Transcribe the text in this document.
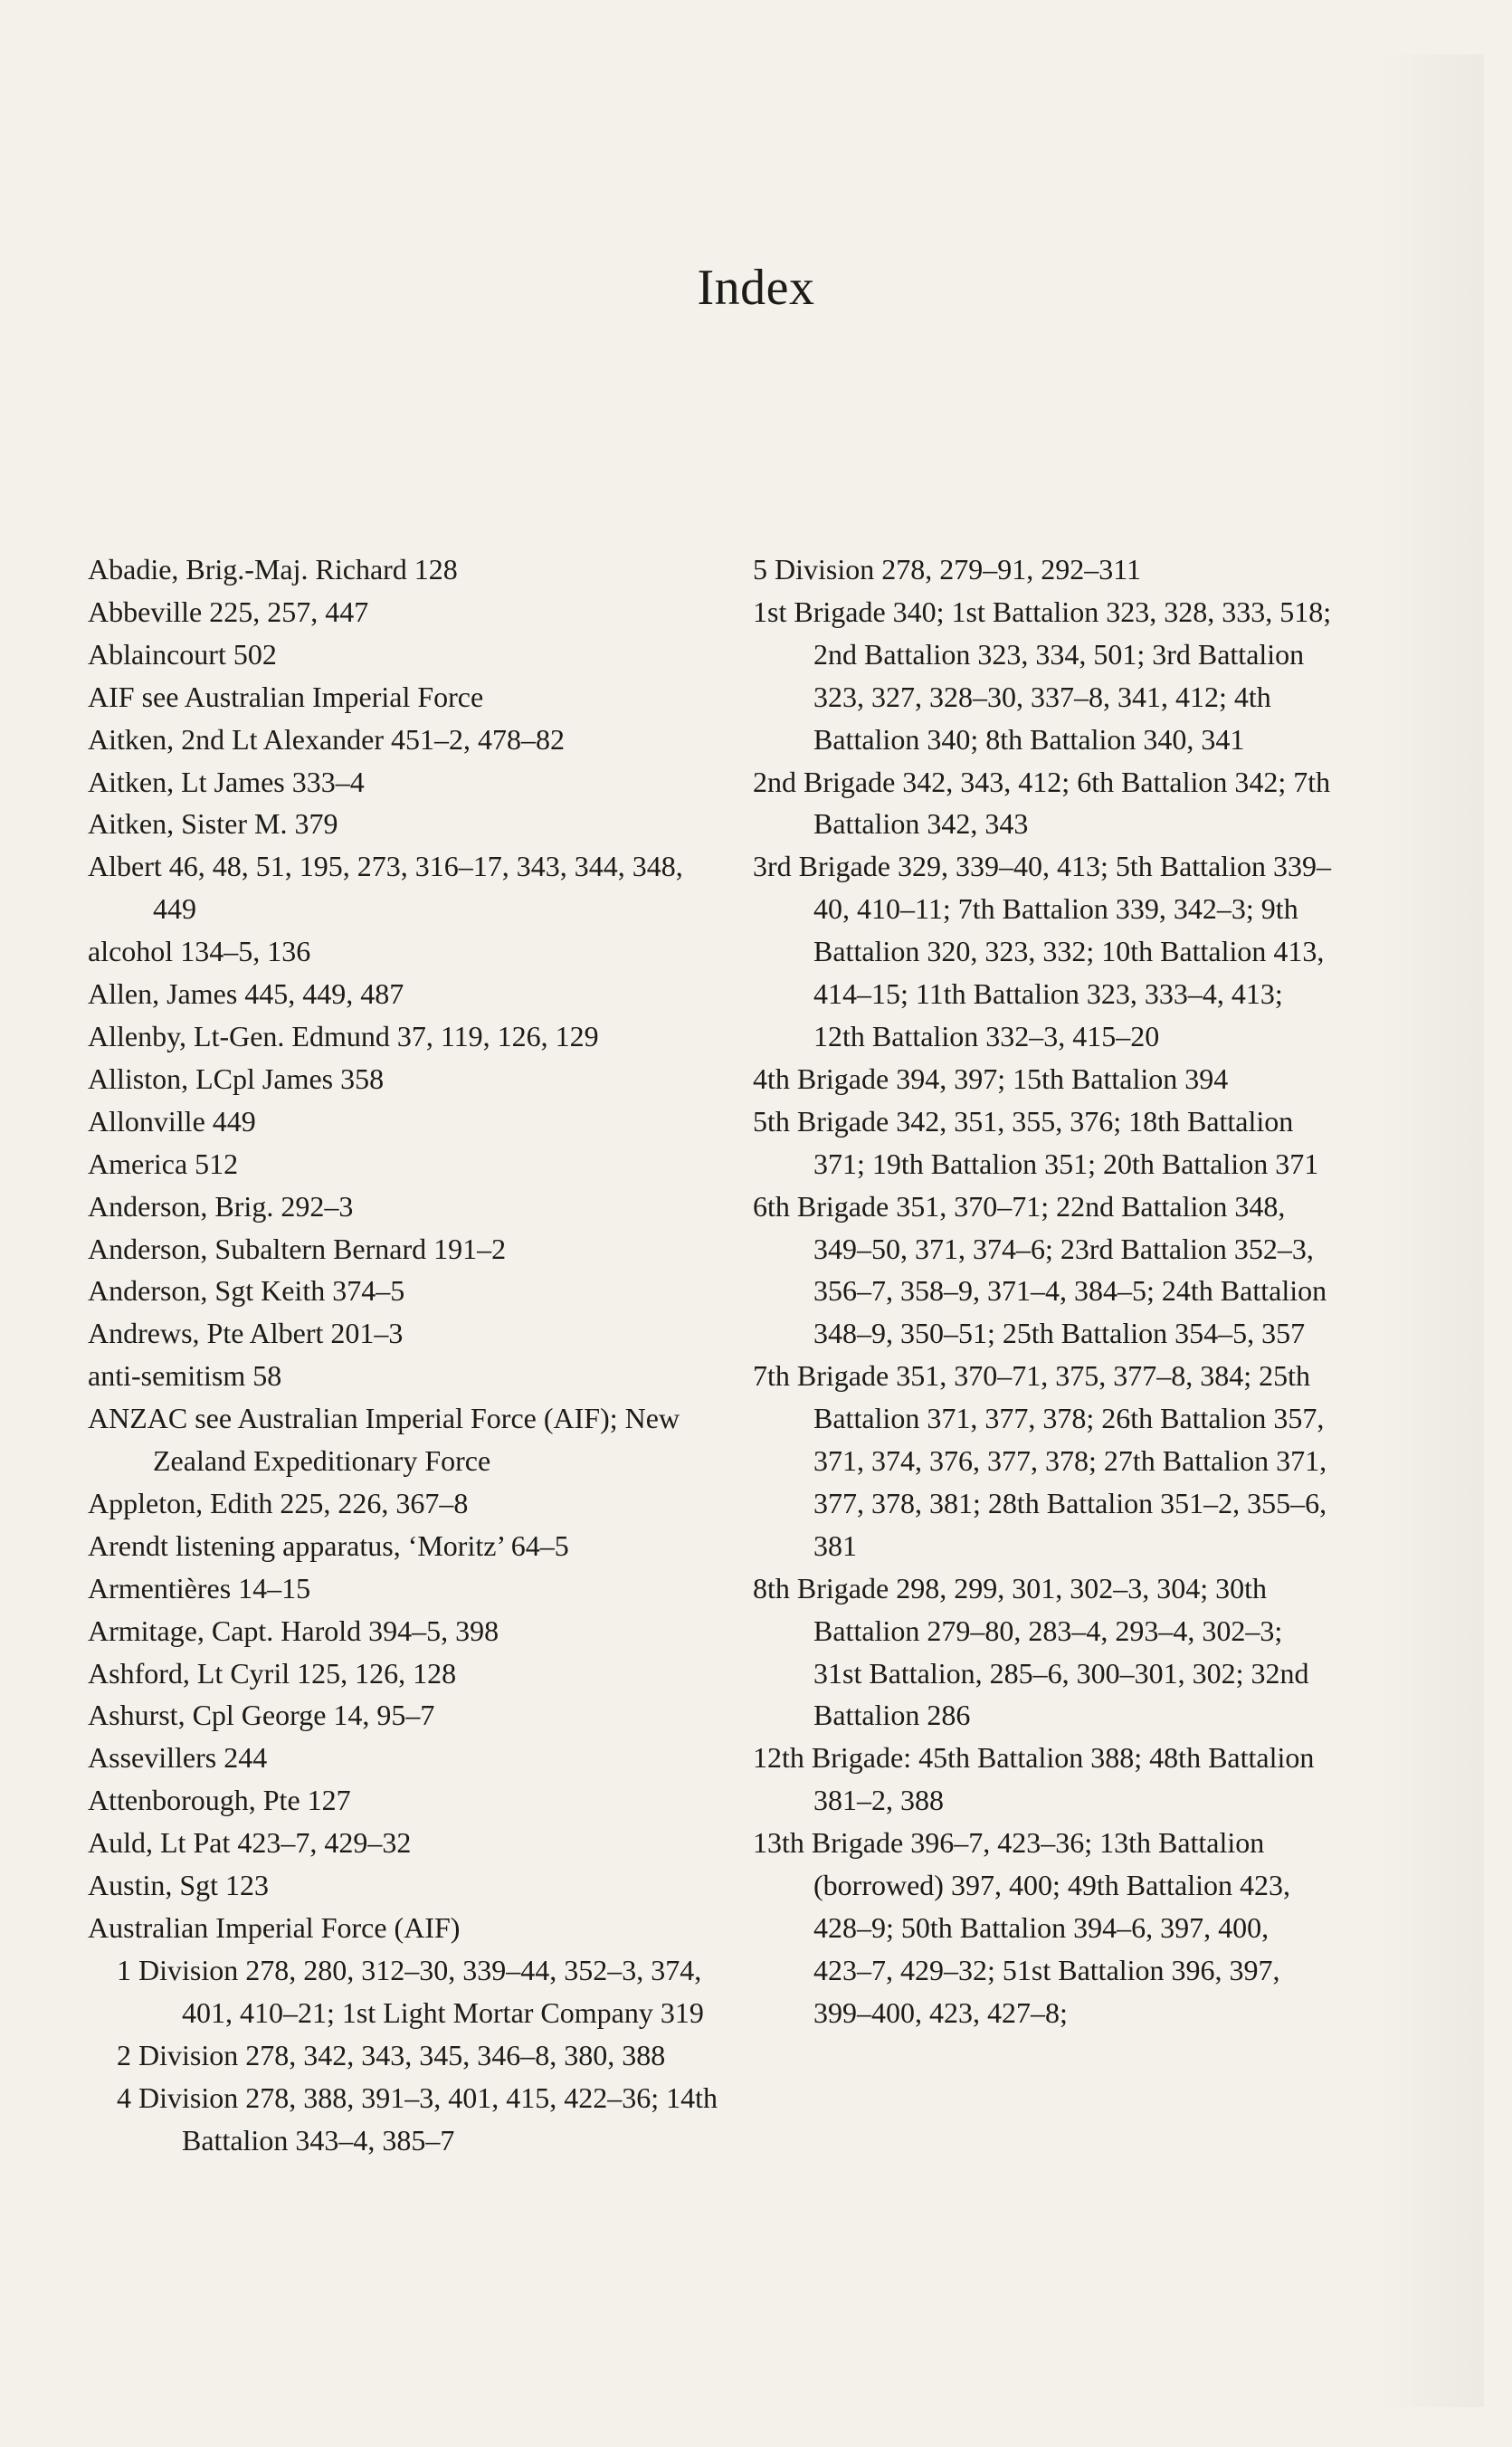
Index
Abadie, Brig.-Maj. Richard 128
Abbeville 225, 257, 447
Ablaincourt 502
AIF see Australian Imperial Force
Aitken, 2nd Lt Alexander 451–2, 478–82
Aitken, Lt James 333–4
Aitken, Sister M. 379
Albert 46, 48, 51, 195, 273, 316–17, 343, 344, 348, 449
alcohol 134–5, 136
Allen, James 445, 449, 487
Allenby, Lt-Gen. Edmund 37, 119, 126, 129
Alliston, LCpl James 358
Allonville 449
America 512
Anderson, Brig. 292–3
Anderson, Subaltern Bernard 191–2
Anderson, Sgt Keith 374–5
Andrews, Pte Albert 201–3
anti-semitism 58
ANZAC see Australian Imperial Force (AIF); New Zealand Expeditionary Force
Appleton, Edith 225, 226, 367–8
Arendt listening apparatus, ‘Moritz’ 64–5
Armentières 14–15
Armitage, Capt. Harold 394–5, 398
Ashford, Lt Cyril 125, 126, 128
Ashurst, Cpl George 14, 95–7
Assevillers 244
Attenborough, Pte 127
Auld, Lt Pat 423–7, 429–32
Austin, Sgt 123
Australian Imperial Force (AIF)
1 Division 278, 280, 312–30, 339–44, 352–3, 374, 401, 410–21; 1st Light Mortar Company 319
2 Division 278, 342, 343, 345, 346–8, 380, 388
4 Division 278, 388, 391–3, 401, 415, 422–36; 14th Battalion 343–4, 385–7
5 Division 278, 279–91, 292–311
1st Brigade 340; 1st Battalion 323, 328, 333, 518; 2nd Battalion 323, 334, 501; 3rd Battalion 323, 327, 328–30, 337–8, 341, 412; 4th Battalion 340; 8th Battalion 340, 341
2nd Brigade 342, 343, 412; 6th Battalion 342; 7th Battalion 342, 343
3rd Brigade 329, 339–40, 413; 5th Battalion 339–40, 410–11; 7th Battalion 339, 342–3; 9th Battalion 320, 323, 332; 10th Battalion 413, 414–15; 11th Battalion 323, 333–4, 413; 12th Battalion 332–3, 415–20
4th Brigade 394, 397; 15th Battalion 394
5th Brigade 342, 351, 355, 376; 18th Battalion 371; 19th Battalion 351; 20th Battalion 371
6th Brigade 351, 370–71; 22nd Battalion 348, 349–50, 371, 374–6; 23rd Battalion 352–3, 356–7, 358–9, 371–4, 384–5; 24th Battalion 348–9, 350–51; 25th Battalion 354–5, 357
7th Brigade 351, 370–71, 375, 377–8, 384; 25th Battalion 371, 377, 378; 26th Battalion 357, 371, 374, 376, 377, 378; 27th Battalion 371, 377, 378, 381; 28th Battalion 351–2, 355–6, 381
8th Brigade 298, 299, 301, 302–3, 304; 30th Battalion 279–80, 283–4, 293–4, 302–3; 31st Battalion, 285–6, 300–301, 302; 32nd Battalion 286
12th Brigade: 45th Battalion 388; 48th Battalion 381–2, 388
13th Brigade 396–7, 423–36; 13th Battalion (borrowed) 397, 400; 49th Battalion 423, 428–9; 50th Battalion 394–6, 397, 400, 423–7, 429–32; 51st Battalion 396, 397, 399–400, 423, 427–8;
